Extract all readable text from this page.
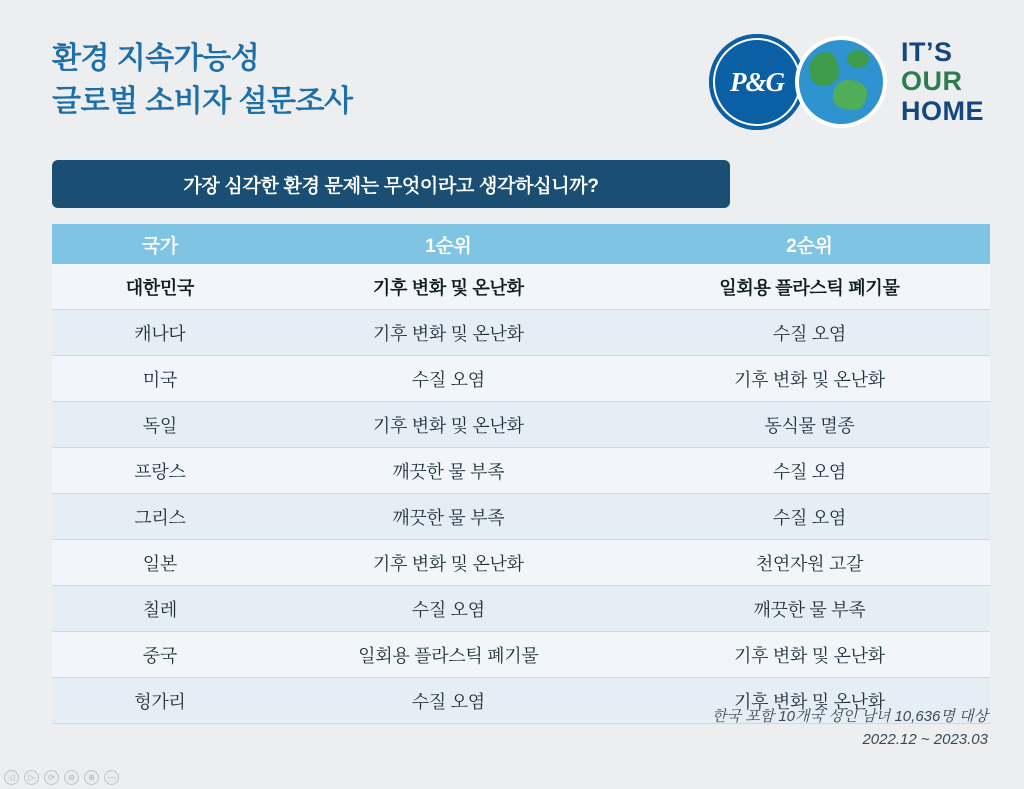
환경 지속가능성
글로벌 소비자 설문조사
P&G
IT’S
OUR
HOME
가장 심각한 환경 문제는 무엇이라고 생각하십니까?
국가	1순위	2순위
대한민국	기후 변화 및 온난화	일회용 플라스틱 폐기물
캐나다	기후 변화 및 온난화	수질 오염
미국	수질 오염	기후 변화 및 온난화
독일	기후 변화 및 온난화	동식물 멸종
프랑스	깨끗한 물 부족	수질 오염
그리스	깨끗한 물 부족	수질 오염
일본	기후 변화 및 온난화	천연자원 고갈
칠레	수질 오염	깨끗한 물 부족
중국	일회용 플라스틱 폐기물	기후 변화 및 온난화
헝가리	수질 오염	기후 변화 및 온난화
한국 포함 10개국 성인 남녀 10,636명 대상
2022.12 ~ 2023.03
◁	▷	⟳	⊖	⊕	—
